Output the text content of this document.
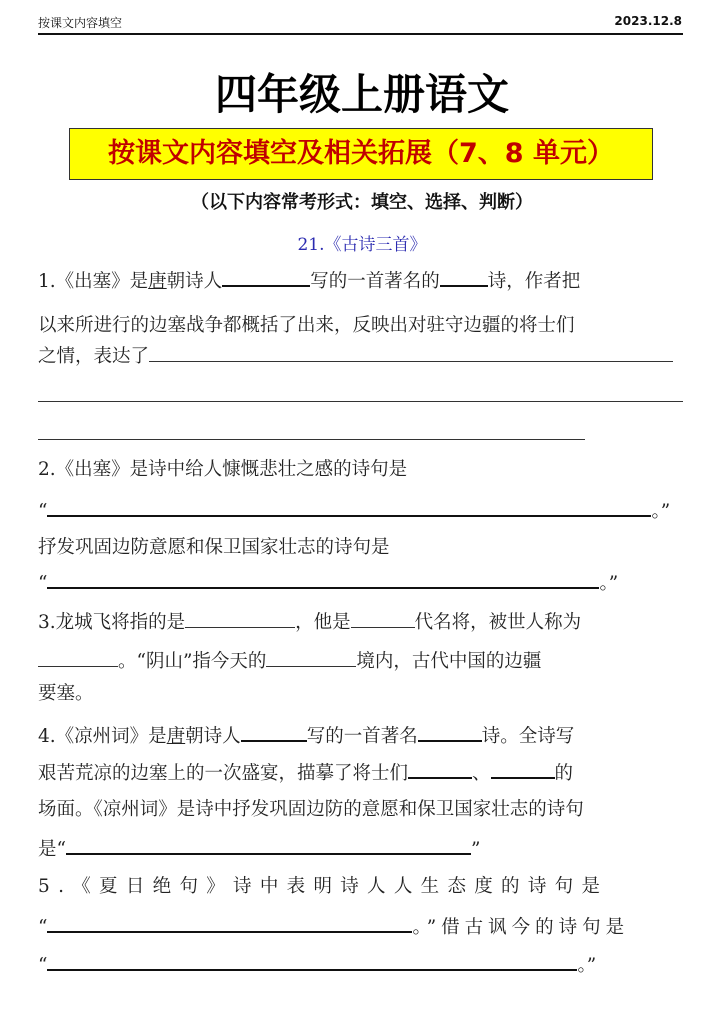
按课文内容填空	2023.12.8
四年级上册语文
按课文内容填空及相关拓展（7、8 单元）
（以下内容常考形式：填空、选择、判断）
21.《古诗三首》
1.《出塞》是唐朝诗人	写的一首著名的	诗，作者把
以来所进行的边塞战争都概括了出来，反映出对驻守边疆的将士们
之情，表达了
2.《出塞》是诗中给人慷慨悲壮之感的诗句是
“	。”
抒发巩固边防意愿和保卫国家壮志的诗句是
“	。”
3.龙城飞将指的是	，他是	代名将，被世人称为
。“阴山”指今天的	境内，古代中国的边疆
要塞。
4.《凉州词》是唐朝诗人	写的一首著名	诗。全诗写
艰苦荒凉的边塞上的一次盛宴，描摹了将士们	、	的
场面。《凉州词》是诗中抒发巩固边防的意愿和保卫国家壮志的诗句
是“	”
5.《夏日绝句》诗中表明诗人人生态度的诗句是
“	。”借古讽今的诗句是
“	。”
